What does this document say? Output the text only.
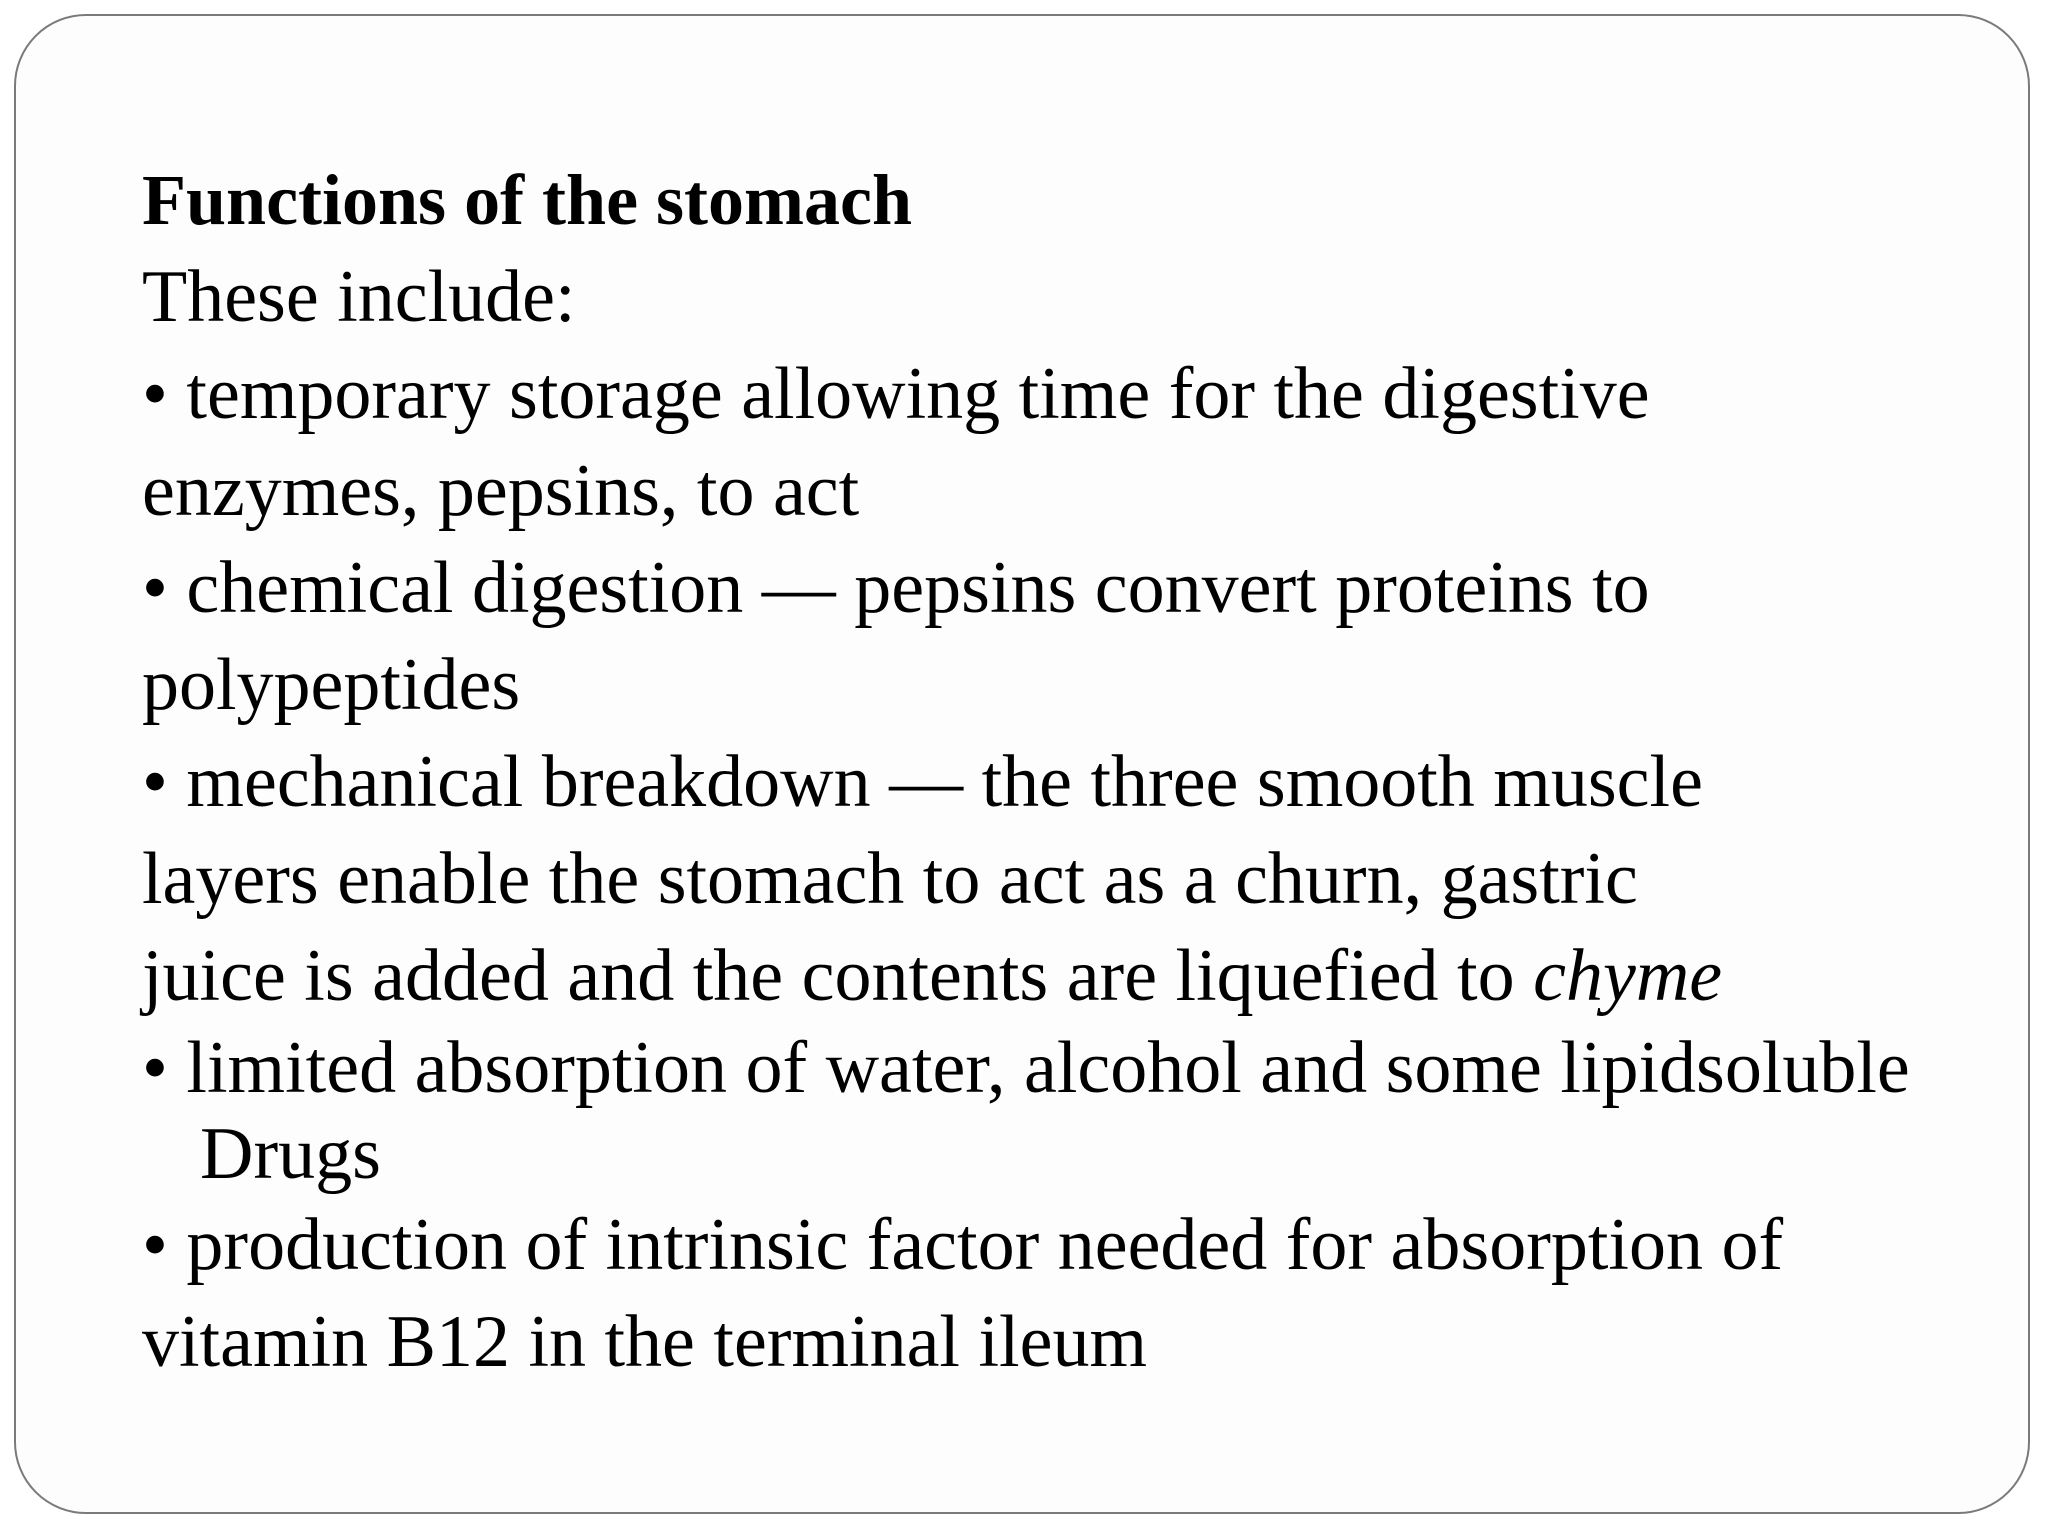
Functions of the stomach

These include:

• temporary storage allowing time for the digestive

enzymes, pepsins, to act

• chemical digestion — pepsins convert proteins to

polypeptides

• mechanical breakdown — the three smooth muscle

layers enable the stomach to act as a churn, gastric

juice is added and the contents are liquefied to chyme

• limited absorption of water, alcohol and some lipidsoluble

Drugs

• production of intrinsic factor needed for absorption of

vitamin B12 in the terminal ileum
